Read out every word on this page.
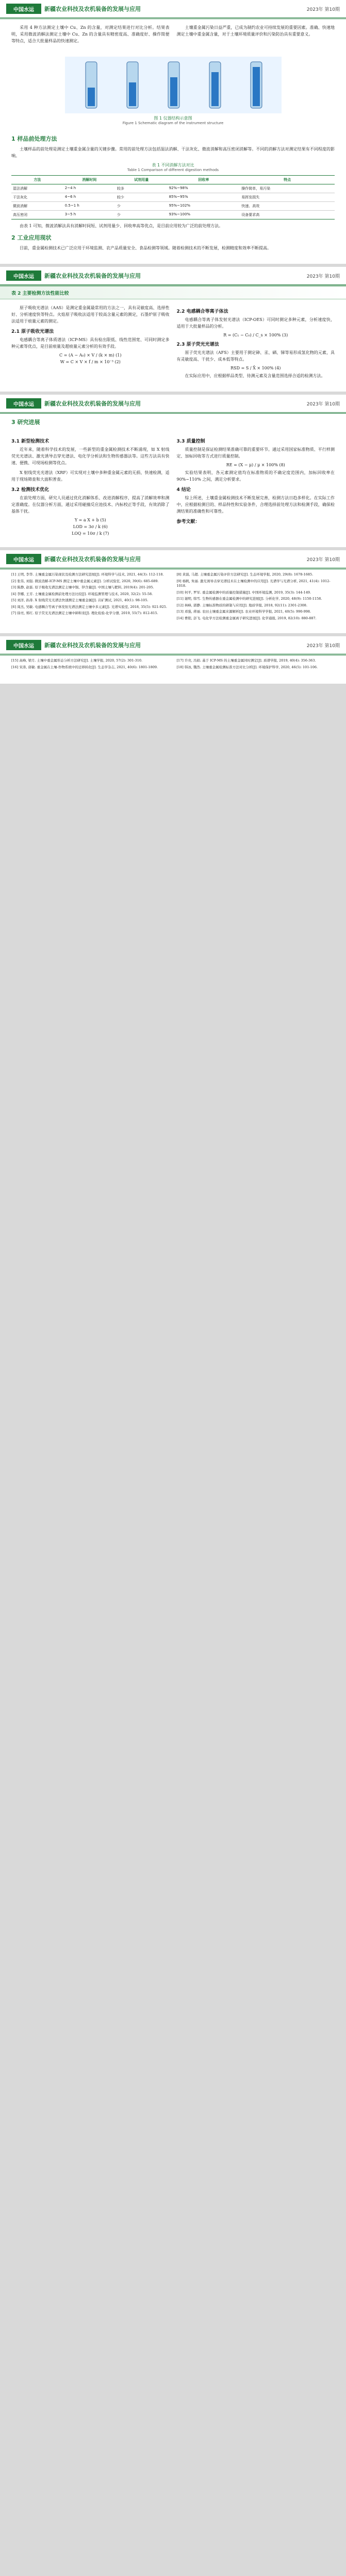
中国水运	新疆农业科技及农机装备的发展与应用	2023年 第10期

采用 4 种方法测定土壤中 Cu、Zn 的含量，对测定结果进行对比分析。结果表明，采用微波消解法测定土壤中 Cu、Zn 的含量具有精密度高、准确度好、操作简便等特点，适合大批量样品的快速测定。

土壤重金属污染日益严重，已成为制约农业可持续发展的重要因素。准确、快速地测定土壤中重金属含量，对于土壤环境质量评价和污染防治具有重要意义。

图 1 仪器结构示意图
Figure 1 Schematic diagram of the instrument structure
1 样品前处理方法

土壤样品的前处理是测定土壤重金属含量的关键步骤。常用的前处理方法包括湿法消解、干法灰化、微波消解和高压密闭消解等。不同的消解方法对测定结果有不同程度的影响。

表 1 不同消解方法对比
Table 1 Comparison of different digestion methods
方法	消解时间	试剂用量	回收率	特点
湿法消解	2~4 h	较多	92%~98%	操作简单，易污染
干法灰化	4~6 h	较少	85%~95%	易挥发损失
微波消解	0.5~1 h	少	95%~102%	快速、高效
高压密闭	3~5 h	少	93%~100%	设备要求高

由表 1 可知，微波消解法具有消解时间短、试剂用量少、回收率高等优点，是目前应用较为广泛的前处理方法。

2 工业应用现状

目前，重金属检测技术已广泛应用于环境监测、农产品质量安全、食品检测等领域。随着检测技术的不断发展，检测精度和效率不断提高。

中国水运	新疆农业科技及农机装备的发展与应用	2023年 第10期
表 2 主要检测方法性能比较

原子吸收光谱法（AAS）是测定重金属最常用的方法之一，具有灵敏度高、选择性好、分析速度快等特点。火焰原子吸收法适用于较高含量元素的测定，石墨炉原子吸收法适用于痕量元素的测定。

2.1 原子吸收光谱法

电感耦合等离子体质谱法（ICP-MS）具有检出限低、线性范围宽、可同时测定多种元素等优点，是目前痕量及超痕量元素分析的有效手段。

C = (A − A₀) × V / (k × m) (1)
W = C × V × f / m × 10⁻³ (2)
2.2 电感耦合等离子体法

电感耦合等离子体发射光谱法（ICP-OES）可同时测定多种元素，分析速度快，适用于大批量样品的分析。

R = (C₁ − C₀) / C_s × 100% (3)
2.3 原子荧光光谱法

原子荧光光谱法（AFS）主要用于测定砷、汞、硒、锑等易形成氢化物的元素，具有灵敏度高、干扰少、成本低等特点。

RSD = S / X̄ × 100% (4)

在实际应用中，应根据样品类型、待测元素及含量范围选择合适的检测方法。

中国水运	新疆农业科技及农机装备的发展与应用	2023年 第10期
3 研究进展
3.1 新型检测技术

近年来，随着科学技术的发展，一些新型的重金属检测技术不断涌现，如 X 射线荧光光谱法、激光诱导击穿光谱法、电化学分析法和生物传感器法等。这些方法具有快速、便携、可现场检测等优点。

X 射线荧光光谱法（XRF）可实现对土壤中多种重金属元素的无损、快速检测，适用于现场筛查和大面积普查。

3.2 检测技术优化

在前处理方面，研究人员通过优化消解体系、改进消解程序，提高了消解效率和测定准确度。在仪器分析方面，通过采用碰撞反应池技术、内标校正等手段，有效消除了基体干扰。

Y = a X + b (5)
LOD = 3σ / k (6)
LOQ = 10σ / k (7)
3.3 质量控制

质量控制是保证检测结果准确可靠的重要环节。通过采用国家标准物质、平行样测定、加标回收等方式进行质量控制。

RE = (X − μ) / μ × 100% (8)

实验结果表明，各元素测定值均在标准物质的不确定度范围内，加标回收率在 90%~110% 之间，满足分析要求。

4 结论

综上所述，土壤重金属检测技术不断发展完善，检测方法日趋多样化。在实际工作中，应根据检测目的、样品特性和实验条件，合理选择前处理方法和检测手段，确保检测结果的准确性和可靠性。

参考文献：
中国水运	新疆农业科技及农机装备的发展与应用	2023年 第10期

[1] 王明, 李华. 土壤重金属污染现状及检测方法研究进展[J]. 环境科学与技术, 2021, 44(3): 112-118.

[2] 张伟, 刘强. 微波消解-ICP-MS 测定土壤中重金属元素[J]. 分析试验室, 2020, 39(6): 685-689.

[3] 陈静, 赵磊. 原子吸收光谱法测定土壤中铜、锌含量[J]. 中国土壤与肥料, 2019(4): 201-205.

[4] 李娜, 王芳. 土壤重金属检测前处理方法比较[J]. 环境监测管理与技术, 2020, 32(2): 55-58.

[5] 刘洋, 孙涛. X 射线荧光光谱法快速测定土壤重金属[J]. 岩矿测试, 2021, 40(1): 98-105.

[6] 周杰, 吴敏. 电感耦合等离子体发射光谱法测定土壤中多元素[J]. 光谱实验室, 2018, 35(5): 921-925.

[7] 徐亮, 郑红. 原子荧光光谱法测定土壤中砷和汞[J]. 理化检验-化学分册, 2019, 55(7): 812-815.

[8] 黄磊, 马超. 土壤重金属污染评价方法研究[J]. 生态环境学报, 2020, 29(8): 1678-1685.

[9] 杨帆, 朱丽. 激光诱导击穿光谱技术在土壤检测中的应用[J]. 光谱学与光谱分析, 2021, 41(4): 1012-1018.

[10] 何平, 罗军. 重金属检测中的质量控制措施[J]. 中国环境监测, 2019, 35(3): 144-149.

[11] 谢明, 韩雪. 生物传感器在重金属检测中的研究进展[J]. 分析化学, 2020, 48(9): 1150-1158.

[12] 林峰, 郭静. 土壤标准物质的研制与应用[J]. 地质学报, 2018, 92(11): 2301-2308.

[13] 邓强, 蒋丽. 农田土壤重金属来源解析[J]. 农业环境科学学报, 2021, 40(5): 990-998.

[14] 曹阳, 彭飞. 电化学方法检测重金属离子研究进展[J]. 化学通报, 2019, 82(10): 880-887.

中国水运	新疆农业科技及农机装备的发展与应用	2023年 第10期

[15] 高峰, 梁月. 土壤中重金属形态分析方法研究[J]. 土壤学报, 2020, 57(2): 301-310.

[16] 宋涛, 唐敏. 重金属在土壤-作物系统中的迁移转化[J]. 生态学杂志, 2021, 40(6): 1801-1809.

[17] 许亮, 冯娟. 基于 ICP-MS 的土壤重金属同时测定[J]. 质谱学报, 2019, 40(4): 356-363.

[18] 韩冰, 魏然. 土壤重金属检测标准方法对比分析[J]. 环境保护科学, 2020, 46(5): 101-106.
